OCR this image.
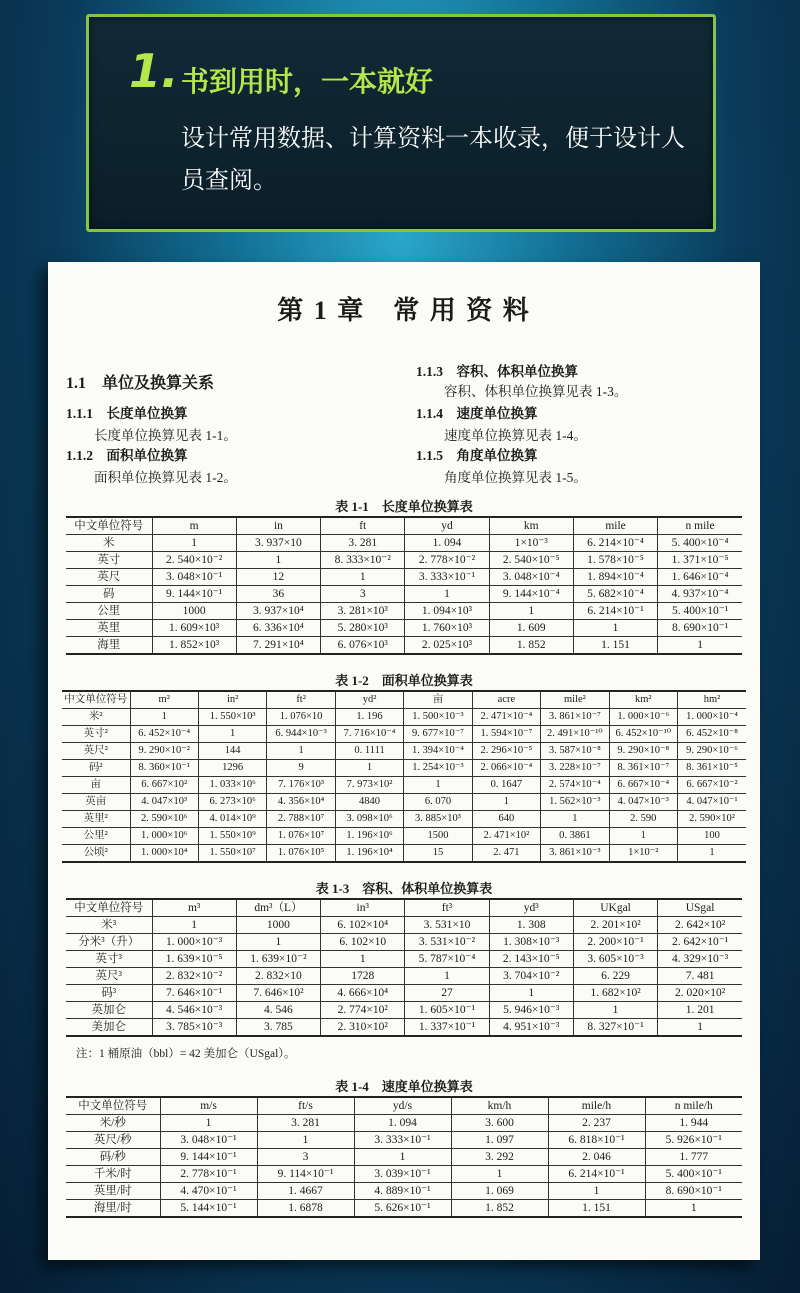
1. 书到用时，一本就好
设计常用数据、计算资料一本收录，便于设计人员查阅。
第 1 章　常 用 资 料
1.1　单位及换算关系
1.1.1　长度单位换算
长度单位换算见表 1-1。
1.1.2　面积单位换算
面积单位换算见表 1-2。
1.1.3　容积、体积单位换算
容积、体积单位换算见表 1-3。
1.1.4　速度单位换算
速度单位换算见表 1-4。
1.1.5　角度单位换算
角度单位换算见表 1-5。
表 1-1　长度单位换算表
中文单位符号	m	in	ft	yd	km	mile	n mile
米	1	3. 937×10	3. 281	1. 094	1×10⁻³	6. 214×10⁻⁴	5. 400×10⁻⁴
英寸	2. 540×10⁻²	1	8. 333×10⁻²	2. 778×10⁻²	2. 540×10⁻⁵	1. 578×10⁻⁵	1. 371×10⁻⁵
英尺	3. 048×10⁻¹	12	1	3. 333×10⁻¹	3. 048×10⁻⁴	1. 894×10⁻⁴	1. 646×10⁻⁴
码	9. 144×10⁻¹	36	3	1	9. 144×10⁻⁴	5. 682×10⁻⁴	4. 937×10⁻⁴
公里	1000	3. 937×10⁴	3. 281×10³	1. 094×10³	1	6. 214×10⁻¹	5. 400×10⁻¹
英里	1. 609×10³	6. 336×10⁴	5. 280×10³	1. 760×10³	1. 609	1	8. 690×10⁻¹
海里	1. 852×10³	7. 291×10⁴	6. 076×10³	2. 025×10³	1. 852	1. 151	1
表 1-2　面积单位换算表
中文单位符号	m²	in²	ft²	yd²	亩	acre	mile²	km²	hm²
米²	1	1. 550×10³	1. 076×10	1. 196	1. 500×10⁻³	2. 471×10⁻⁴	3. 861×10⁻⁷	1. 000×10⁻⁶	1. 000×10⁻⁴
英寸²	6. 452×10⁻⁴	1	6. 944×10⁻³	7. 716×10⁻⁴	9. 677×10⁻⁷	1. 594×10⁻⁷	2. 491×10⁻¹⁰	6. 452×10⁻¹⁰	6. 452×10⁻⁸
英尺²	9. 290×10⁻²	144	1	0. 1111	1. 394×10⁻⁴	2. 296×10⁻⁵	3. 587×10⁻⁸	9. 290×10⁻⁸	9. 290×10⁻⁶
码²	8. 360×10⁻¹	1296	9	1	1. 254×10⁻³	2. 066×10⁻⁴	3. 228×10⁻⁷	8. 361×10⁻⁷	8. 361×10⁻⁵
亩	6. 667×10²	1. 033×10⁶	7. 176×10³	7. 973×10²	1	0. 1647	2. 574×10⁻⁴	6. 667×10⁻⁴	6. 667×10⁻²
英亩	4. 047×10³	6. 273×10⁶	4. 356×10⁴	4840	6. 070	1	1. 562×10⁻³	4. 047×10⁻³	4. 047×10⁻¹
英里²	2. 590×10⁶	4. 014×10⁹	2. 788×10⁷	3. 098×10⁶	3. 885×10³	640	1	2. 590	2. 590×10²
公里²	1. 000×10⁶	1. 550×10⁹	1. 076×10⁷	1. 196×10⁶	1500	2. 471×10²	0. 3861	1	100
公顷²	1. 000×10⁴	1. 550×10⁷	1. 076×10⁵	1. 196×10⁴	15	2. 471	3. 861×10⁻³	1×10⁻²	1
表 1-3　容积、体积单位换算表
中文单位符号	m³	dm³（L）	in³	ft³	yd³	UKgal	USgal
米³	1	1000	6. 102×10⁴	3. 531×10	1. 308	2. 201×10²	2. 642×10²
分米³（升）	1. 000×10⁻³	1	6. 102×10	3. 531×10⁻²	1. 308×10⁻³	2. 200×10⁻¹	2. 642×10⁻¹
英寸³	1. 639×10⁻⁵	1. 639×10⁻²	1	5. 787×10⁻⁴	2. 143×10⁻⁵	3. 605×10⁻³	4. 329×10⁻³
英尺³	2. 832×10⁻²	2. 832×10	1728	1	3. 704×10⁻²	6. 229	7. 481
码³	7. 646×10⁻¹	7. 646×10²	4. 666×10⁴	27	1	1. 682×10²	2. 020×10²
英加仑	4. 546×10⁻³	4. 546	2. 774×10²	1. 605×10⁻¹	5. 946×10⁻³	1	1. 201
美加仑	3. 785×10⁻³	3. 785	2. 310×10²	1. 337×10⁻¹	4. 951×10⁻³	8. 327×10⁻¹	1
注：1 桶原油（bbl）= 42 美加仑（USgal）。
表 1-4　速度单位换算表
中文单位符号	m/s	ft/s	yd/s	km/h	mile/h	n mile/h
米/秒	1	3. 281	1. 094	3. 600	2. 237	1. 944
英尺/秒	3. 048×10⁻¹	1	3. 333×10⁻¹	1. 097	6. 818×10⁻¹	5. 926×10⁻¹
码/秒	9. 144×10⁻¹	3	1	3. 292	2. 046	1. 777
千米/时	2. 778×10⁻¹	9. 114×10⁻¹	3. 039×10⁻¹	1	6. 214×10⁻¹	5. 400×10⁻¹
英里/时	4. 470×10⁻¹	1. 4667	4. 889×10⁻¹	1. 069	1	8. 690×10⁻¹
海里/时	5. 144×10⁻¹	1. 6878	5. 626×10⁻¹	1. 852	1. 151	1
